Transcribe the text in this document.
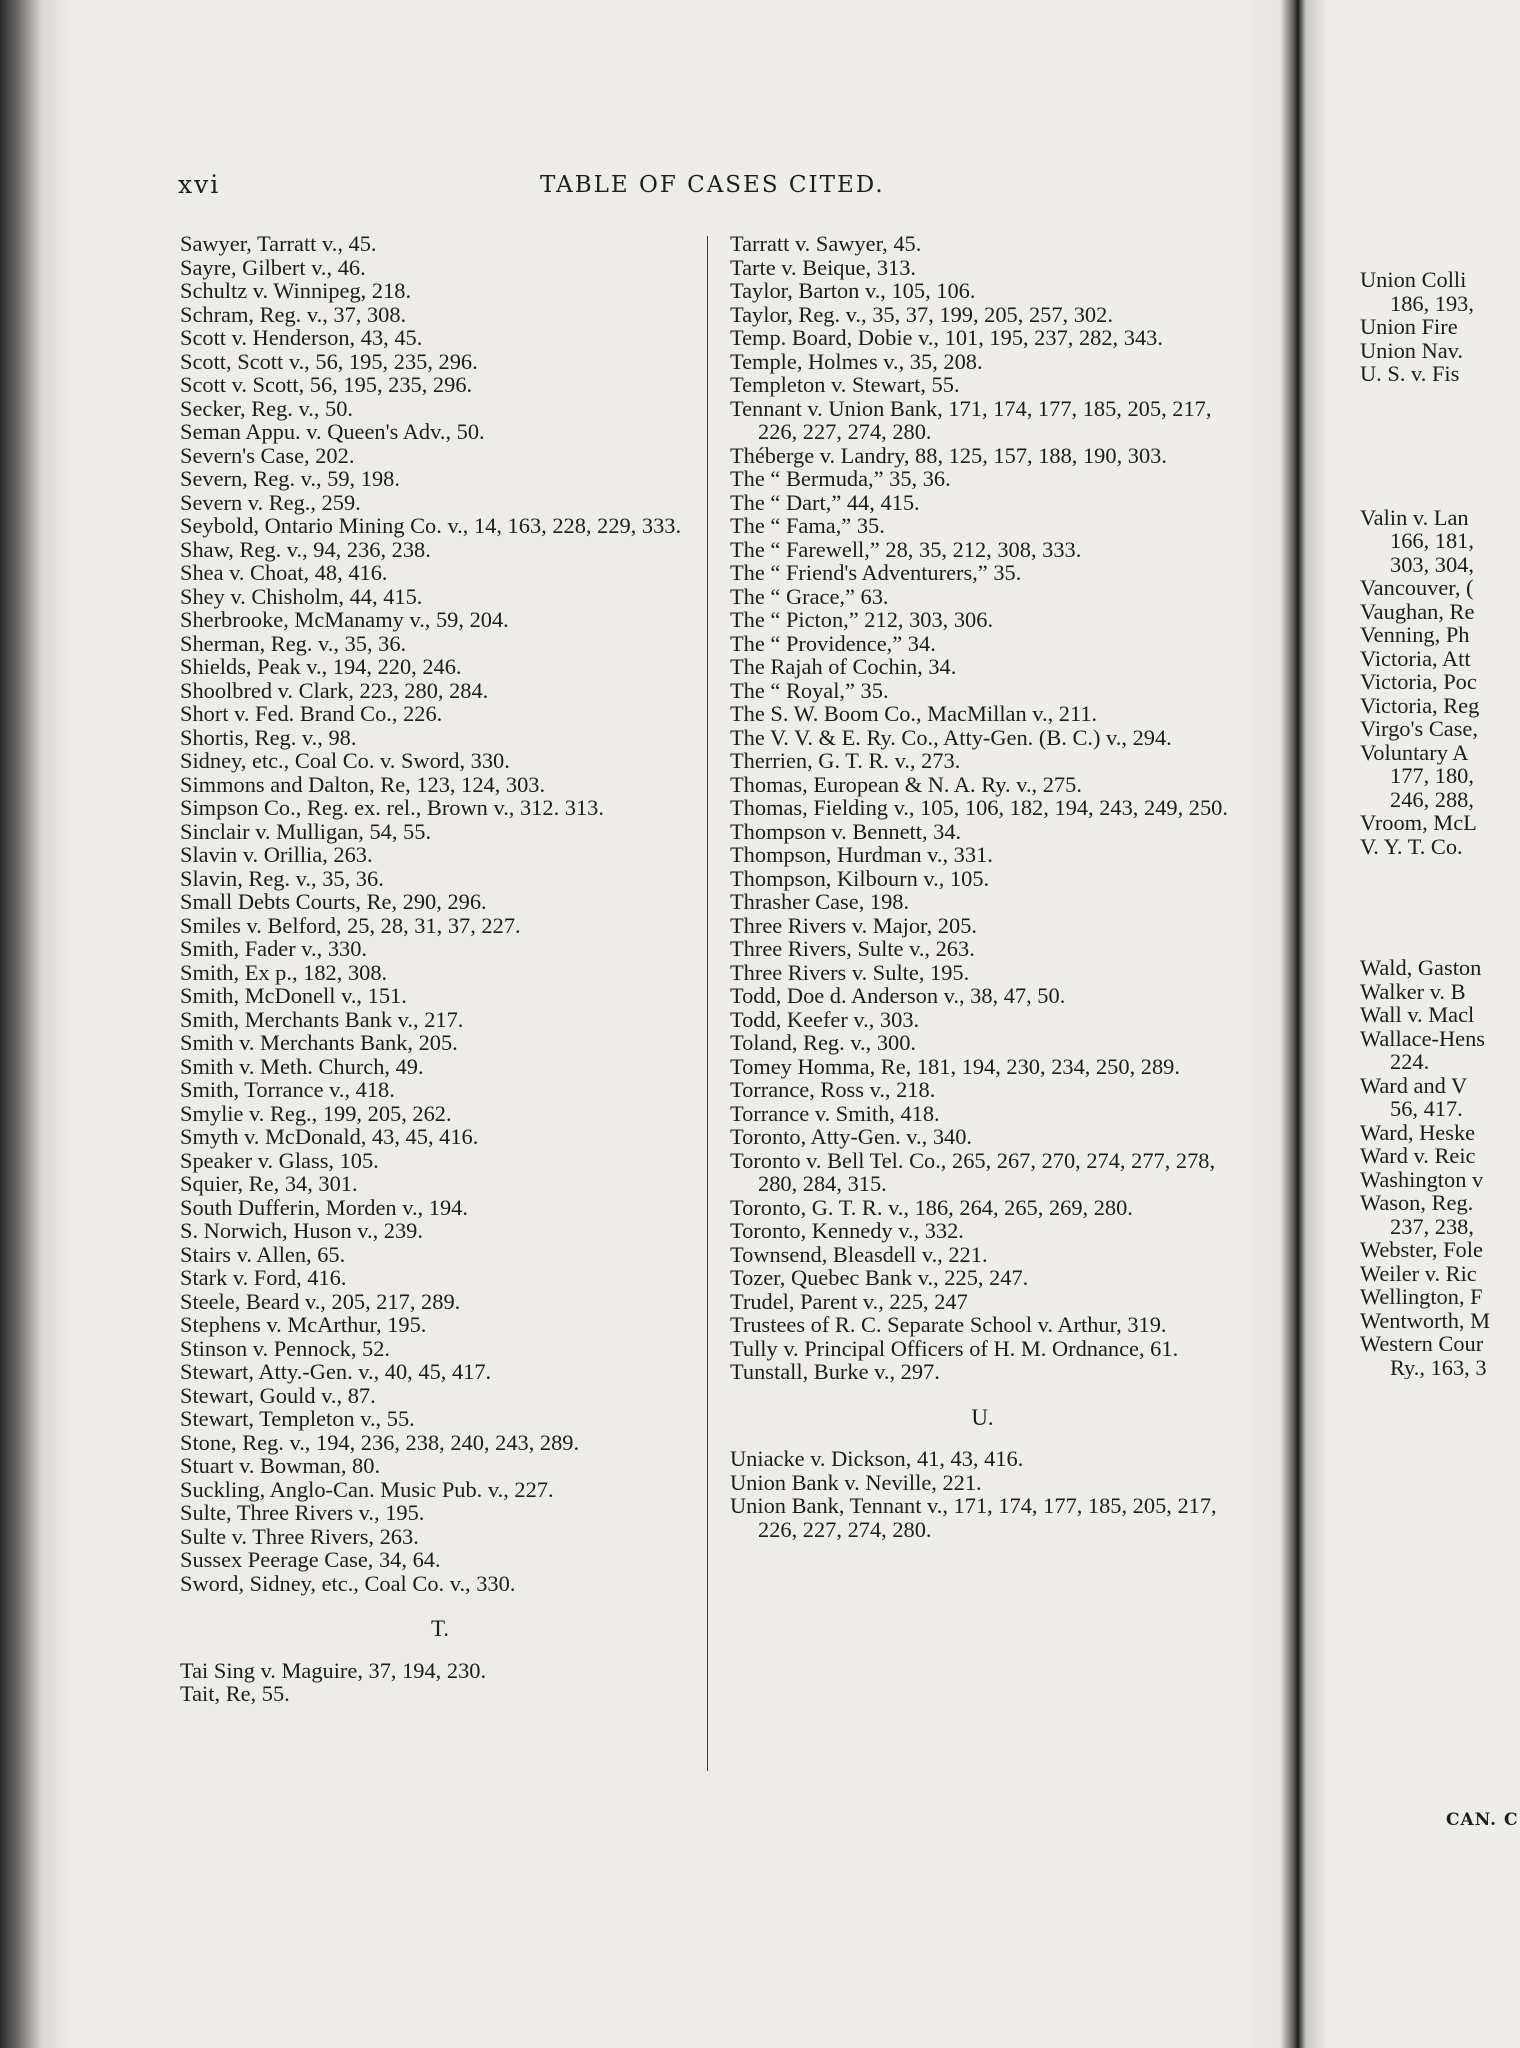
xvi	TABLE OF CASES CITED.

Sawyer, Tarratt v., 45.

Sayre, Gilbert v., 46.

Schultz v. Winnipeg, 218.

Schram, Reg. v., 37, 308.

Scott v. Henderson, 43, 45.

Scott, Scott v., 56, 195, 235, 296.

Scott v. Scott, 56, 195, 235, 296.

Secker, Reg. v., 50.

Seman Appu. v. Queen's Adv., 50.

Severn's Case, 202.

Severn, Reg. v., 59, 198.

Severn v. Reg., 259.

Seybold, Ontario Mining Co. v., 14, 163, 228, 229, 333.

Shaw, Reg. v., 94, 236, 238.

Shea v. Choat, 48, 416.

Shey v. Chisholm, 44, 415.

Sherbrooke, McManamy v., 59, 204.

Sherman, Reg. v., 35, 36.

Shields, Peak v., 194, 220, 246.

Shoolbred v. Clark, 223, 280, 284.

Short v. Fed. Brand Co., 226.

Shortis, Reg. v., 98.

Sidney, etc., Coal Co. v. Sword, 330.

Simmons and Dalton, Re, 123, 124, 303.

Simpson Co., Reg. ex. rel., Brown v., 312. 313.

Sinclair v. Mulligan, 54, 55.

Slavin v. Orillia, 263.

Slavin, Reg. v., 35, 36.

Small Debts Courts, Re, 290, 296.

Smiles v. Belford, 25, 28, 31, 37, 227.

Smith, Fader v., 330.

Smith, Ex p., 182, 308.

Smith, McDonell v., 151.

Smith, Merchants Bank v., 217.

Smith v. Merchants Bank, 205.

Smith v. Meth. Church, 49.

Smith, Torrance v., 418.

Smylie v. Reg., 199, 205, 262.

Smyth v. McDonald, 43, 45, 416.

Speaker v. Glass, 105.

Squier, Re, 34, 301.

South Dufferin, Morden v., 194.

S. Norwich, Huson v., 239.

Stairs v. Allen, 65.

Stark v. Ford, 416.

Steele, Beard v., 205, 217, 289.

Stephens v. McArthur, 195.

Stinson v. Pennock, 52.

Stewart, Atty.-Gen. v., 40, 45, 417.

Stewart, Gould v., 87.

Stewart, Templeton v., 55.

Stone, Reg. v., 194, 236, 238, 240, 243, 289.

Stuart v. Bowman, 80.

Suckling, Anglo-Can. Music Pub. v., 227.

Sulte, Three Rivers v., 195.

Sulte v. Three Rivers, 263.

Sussex Peerage Case, 34, 64.

Sword, Sidney, etc., Coal Co. v., 330.

T.

Tai Sing v. Maguire, 37, 194, 230.

Tait, Re, 55.

Tarratt v. Sawyer, 45.

Tarte v. Beique, 313.

Taylor, Barton v., 105, 106.

Taylor, Reg. v., 35, 37, 199, 205, 257, 302.

Temp. Board, Dobie v., 101, 195, 237, 282, 343.

Temple, Holmes v., 35, 208.

Templeton v. Stewart, 55.

Tennant v. Union Bank, 171, 174, 177, 185, 205, 217, 226, 227, 274, 280.

Théberge v. Landry, 88, 125, 157, 188, 190, 303.

The “ Bermuda,” 35, 36.

The “ Dart,” 44, 415.

The “ Fama,” 35.

The “ Farewell,” 28, 35, 212, 308, 333.

The “ Friend's Adventurers,” 35.

The “ Grace,” 63.

The “ Picton,” 212, 303, 306.

The “ Providence,” 34.

The Rajah of Cochin, 34.

The “ Royal,” 35.

The S. W. Boom Co., MacMillan v., 211.

The V. V. & E. Ry. Co., Atty-Gen. (B. C.) v., 294.

Therrien, G. T. R. v., 273.

Thomas, European & N. A. Ry. v., 275.

Thomas, Fielding v., 105, 106, 182, 194, 243, 249, 250.

Thompson v. Bennett, 34.

Thompson, Hurdman v., 331.

Thompson, Kilbourn v., 105.

Thrasher Case, 198.

Three Rivers v. Major, 205.

Three Rivers, Sulte v., 263.

Three Rivers v. Sulte, 195.

Todd, Doe d. Anderson v., 38, 47, 50.

Todd, Keefer v., 303.

Toland, Reg. v., 300.

Tomey Homma, Re, 181, 194, 230, 234, 250, 289.

Torrance, Ross v., 218.

Torrance v. Smith, 418.

Toronto, Atty-Gen. v., 340.

Toronto v. Bell Tel. Co., 265, 267, 270, 274, 277, 278, 280, 284, 315.

Toronto, G. T. R. v., 186, 264, 265, 269, 280.

Toronto, Kennedy v., 332.

Townsend, Bleasdell v., 221.

Tozer, Quebec Bank v., 225, 247.

Trudel, Parent v., 225, 247

Trustees of R. C. Separate School v. Arthur, 319.

Tully v. Principal Officers of H. M. Ordnance, 61.

Tunstall, Burke v., 297.

U.

Uniacke v. Dickson, 41, 43, 416.

Union Bank v. Neville, 221.

Union Bank, Tennant v., 171, 174, 177, 185, 205, 217, 226, 227, 274, 280.

Union Colli

186, 193,

Union Fire

Union Nav.

U. S. v. Fis

Valin v. Lan

166, 181,

303, 304,

Vancouver, (

Vaughan, Re

Venning, Ph

Victoria, Att

Victoria, Poc

Victoria, Reg

Virgo's Case,

Voluntary A

177, 180,

246, 288,

Vroom, McL

V. Y. T. Co.

Wald, Gaston

Walker v. B

Wall v. Macl

Wallace-Hens

224.

Ward and V

56, 417.

Ward, Heske

Ward v. Reic

Washington v

Wason, Reg.

237, 238,

Webster, Fole

Weiler v. Ric

Wellington, F

Wentworth, M

Western Cour

Ry., 163, 3

CAN. C
